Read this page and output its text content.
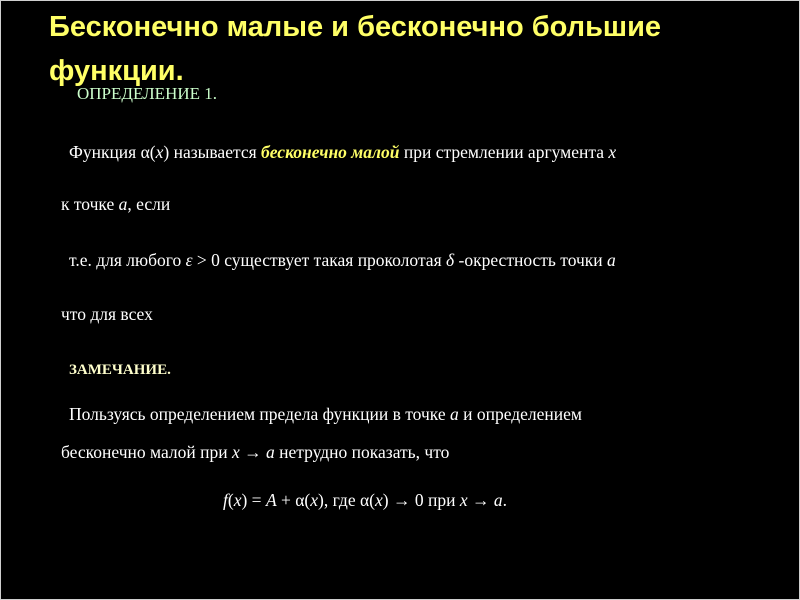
Бесконечно малые и бесконечно большие функции.

ОПРЕДЕЛЕНИЕ 1.

Функция α(x) называется бесконечно малой при стремлении аргумента x

к точке a, если

т.е. для любого ε > 0 существует такая проколотая δ -окрестность точки a

что для всех

ЗАМЕЧАНИЕ.

Пользуясь определением предела функции в точке a и определением

бесконечно малой при x → a нетрудно показать, что

f(x) = A + α(x), где α(x) → 0 при x → a.
